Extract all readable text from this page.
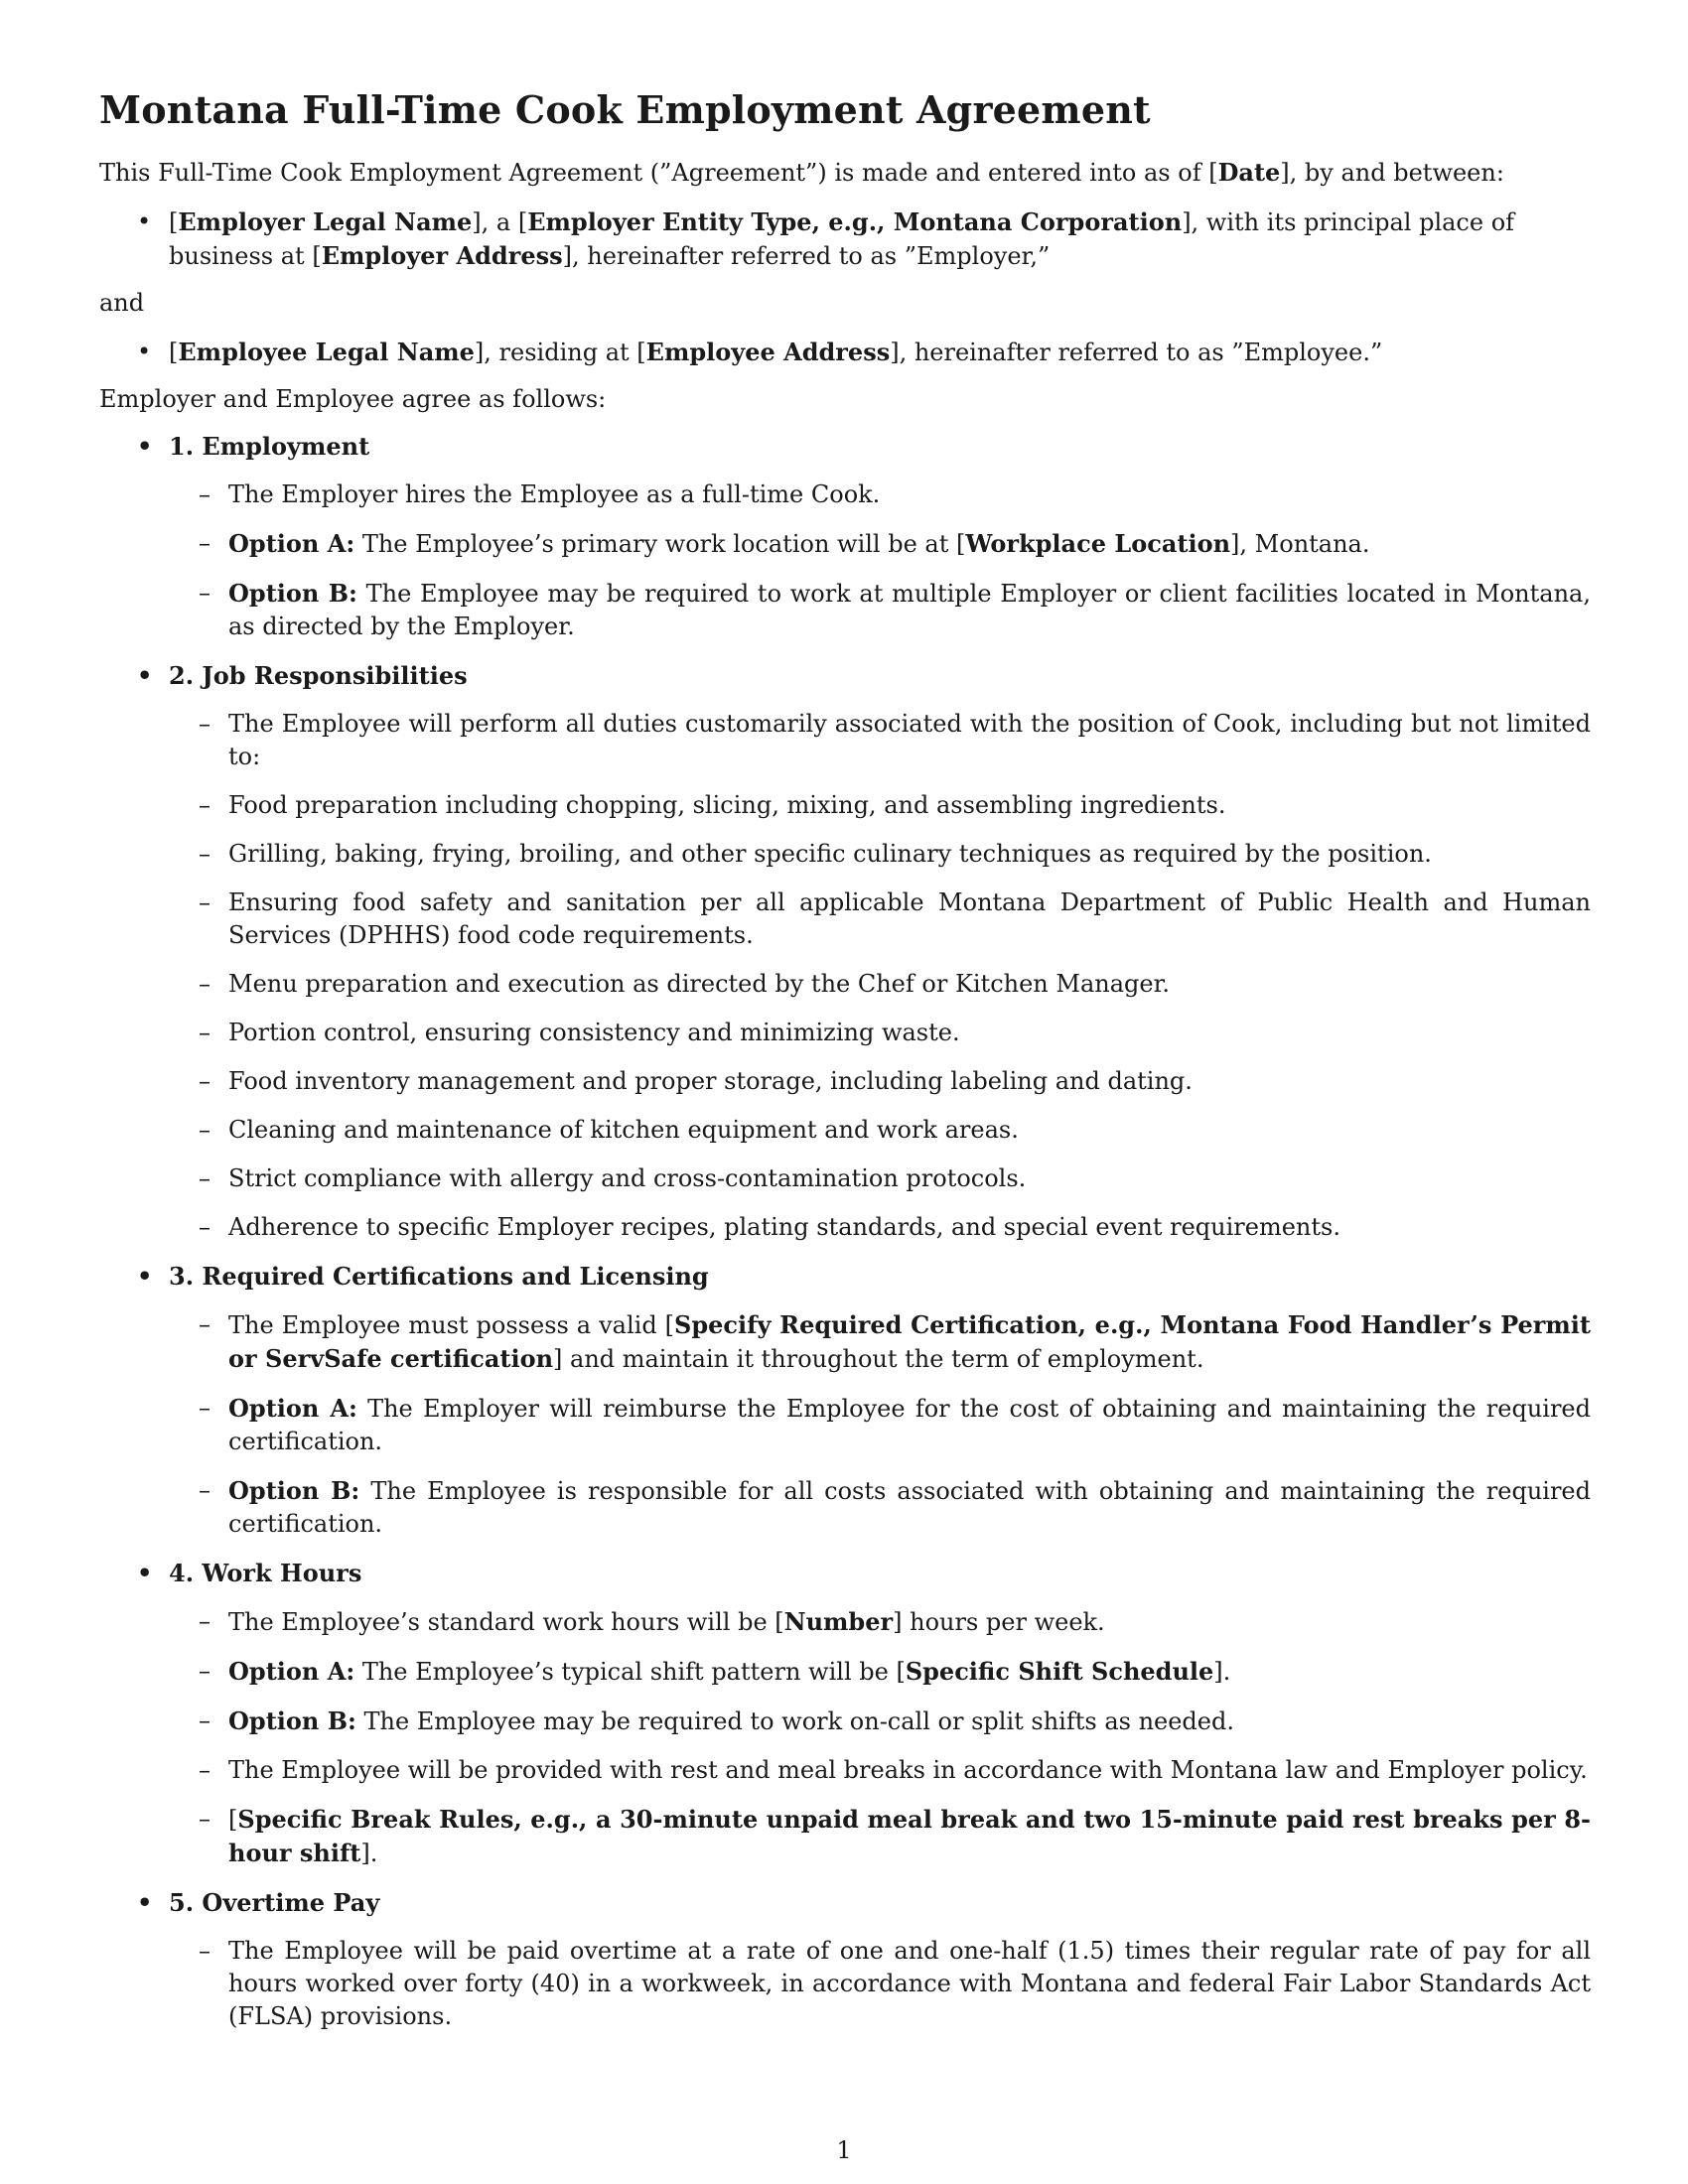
Montana Full-Time Cook Employment Agreement

This Full-Time Cook Employment Agreement (”Agreement”) is made and entered into as of [Date], by and between:

• [Employer Legal Name], a [Employer Entity Type, e.g., Montana Corporation], with its principal place of business at [Employer Address], hereinafter referred to as ”Employer,”

and

• [Employee Legal Name], residing at [Employee Address], hereinafter referred to as ”Employee.”

Employer and Employee agree as follows:

• 1. Employment
– The Employer hires the Employee as a full-time Cook.
– Option A: The Employee’s primary work location will be at [Workplace Location], Montana.
– Option B: The Employee may be required to work at multiple Employer or client facilities located in Montana, as directed by the Employer.
• 2. Job Responsibilities
– The Employee will perform all duties customarily associated with the position of Cook, including but not limited to:
– Food preparation including chopping, slicing, mixing, and assembling ingredients.
– Grilling, baking, frying, broiling, and other specific culinary techniques as required by the position.
– Ensuring food safety and sanitation per all applicable Montana Department of Public Health and Human Services (DPHHS) food code requirements.
– Menu preparation and execution as directed by the Chef or Kitchen Manager.
– Portion control, ensuring consistency and minimizing waste.
– Food inventory management and proper storage, including labeling and dating.
– Cleaning and maintenance of kitchen equipment and work areas.
– Strict compliance with allergy and cross-contamination protocols.
– Adherence to specific Employer recipes, plating standards, and special event requirements.
• 3. Required Certifications and Licensing
– The Employee must possess a valid [Specify Required Certification, e.g., Montana Food Handler’s Permit or ServSafe certification] and maintain it throughout the term of employment.
– Option A: The Employer will reimburse the Employee for the cost of obtaining and maintaining the required certification.
– Option B: The Employee is responsible for all costs associated with obtaining and maintaining the required certification.
• 4. Work Hours
– The Employee’s standard work hours will be [Number] hours per week.
– Option A: The Employee’s typical shift pattern will be [Specific Shift Schedule].
– Option B: The Employee may be required to work on-call or split shifts as needed.
– The Employee will be provided with rest and meal breaks in accordance with Montana law and Employer policy.
– [Specific Break Rules, e.g., a 30-minute unpaid meal break and two 15-minute paid rest breaks per 8-hour shift].
• 5. Overtime Pay
– The Employee will be paid overtime at a rate of one and one-half (1.5) times their regular rate of pay for all hours worked over forty (40) in a workweek, in accordance with Montana and federal Fair Labor Standards Act (FLSA) provisions.
1
